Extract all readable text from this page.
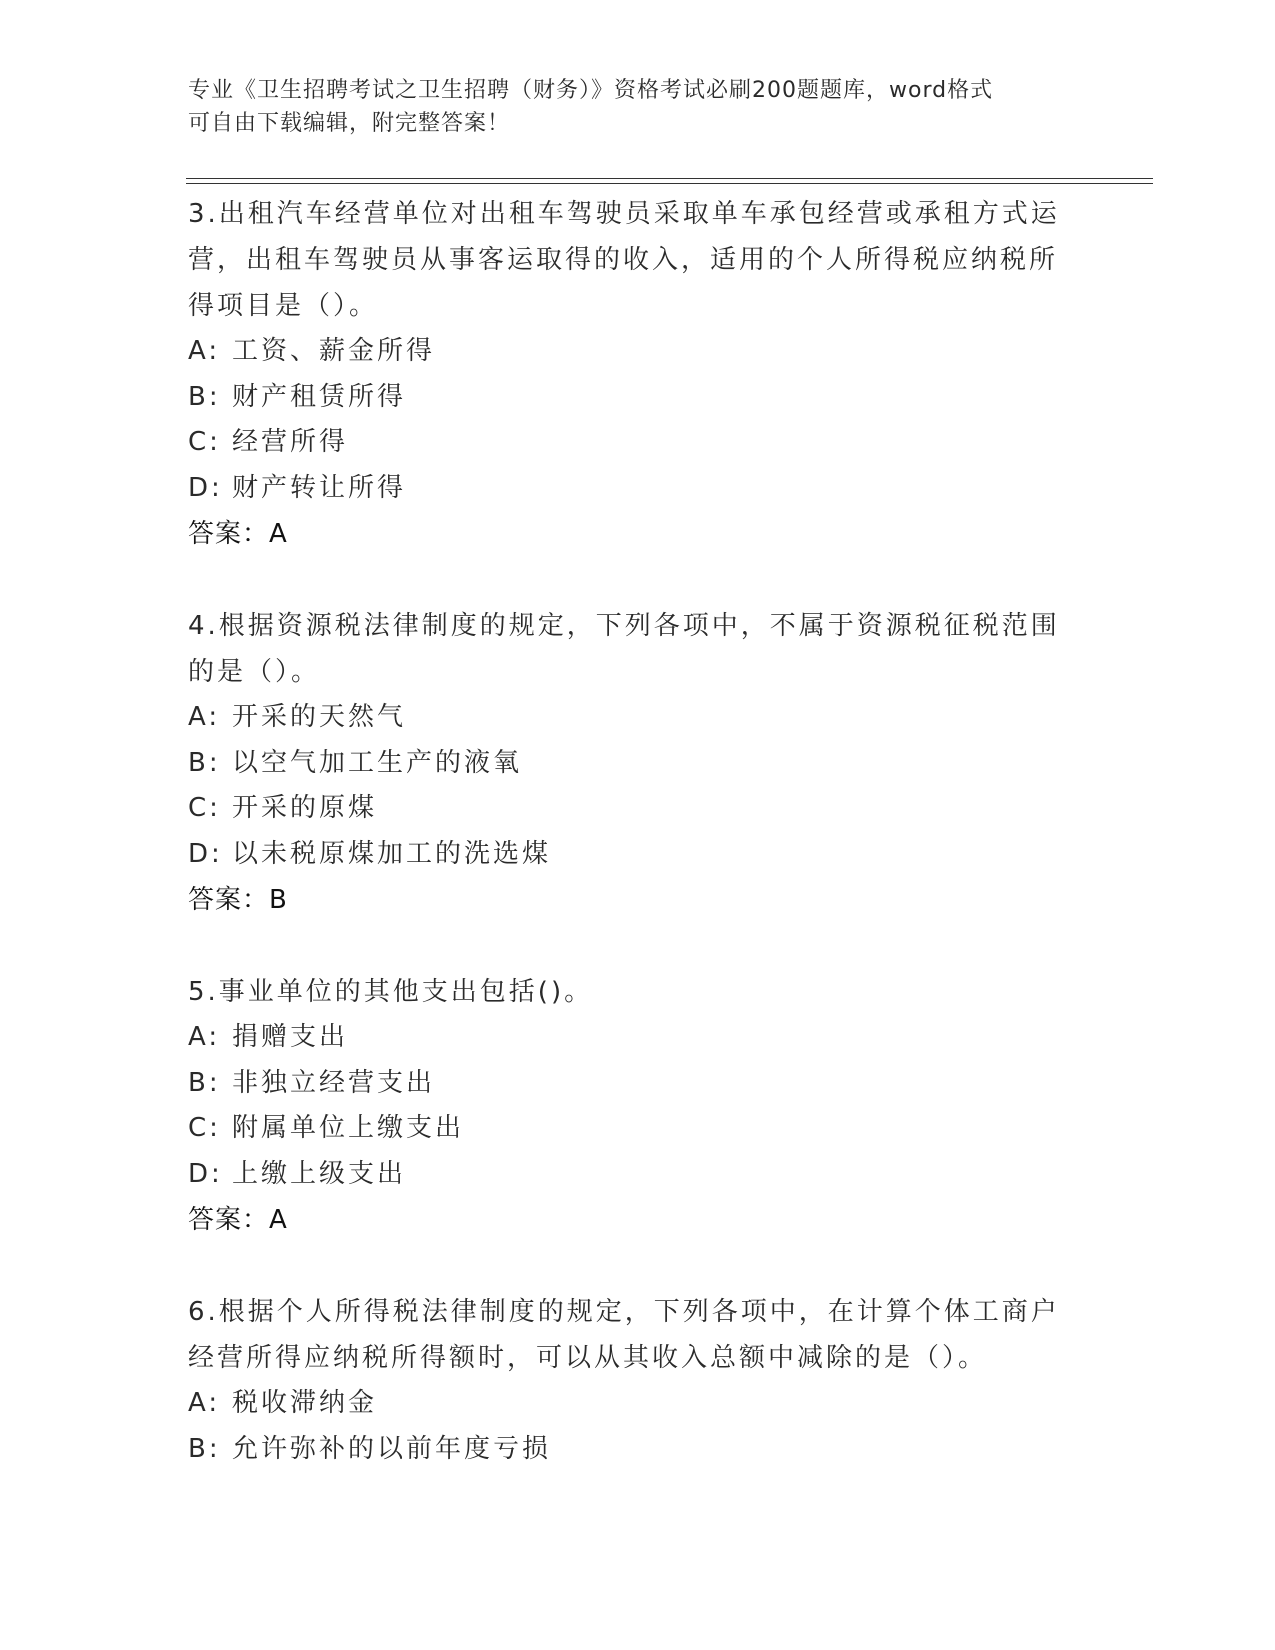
专业《卫生招聘考试之卫生招聘（财务）》资格考试必刷200题题库，word格式
可自由下载编辑，附完整答案！
3.出租汽车经营单位对出租车驾驶员采取单车承包经营或承租方式运营，出租车驾驶员从事客运取得的收入，适用的个人所得税应纳税所得项目是（）。
A: 工资、薪金所得
B: 财产租赁所得
C: 经营所得
D: 财产转让所得
答案：A
4.根据资源税法律制度的规定，下列各项中，不属于资源税征税范围的是（）。
A: 开采的天然气
B: 以空气加工生产的液氧
C: 开采的原煤
D: 以未税原煤加工的洗选煤
答案：B
5.事业单位的其他支出包括()。
A: 捐赠支出
B: 非独立经营支出
C: 附属单位上缴支出
D: 上缴上级支出
答案：A
6.根据个人所得税法律制度的规定，下列各项中，在计算个体工商户经营所得应纳税所得额时，可以从其收入总额中减除的是（）。
A: 税收滞纳金
B: 允许弥补的以前年度亏损
